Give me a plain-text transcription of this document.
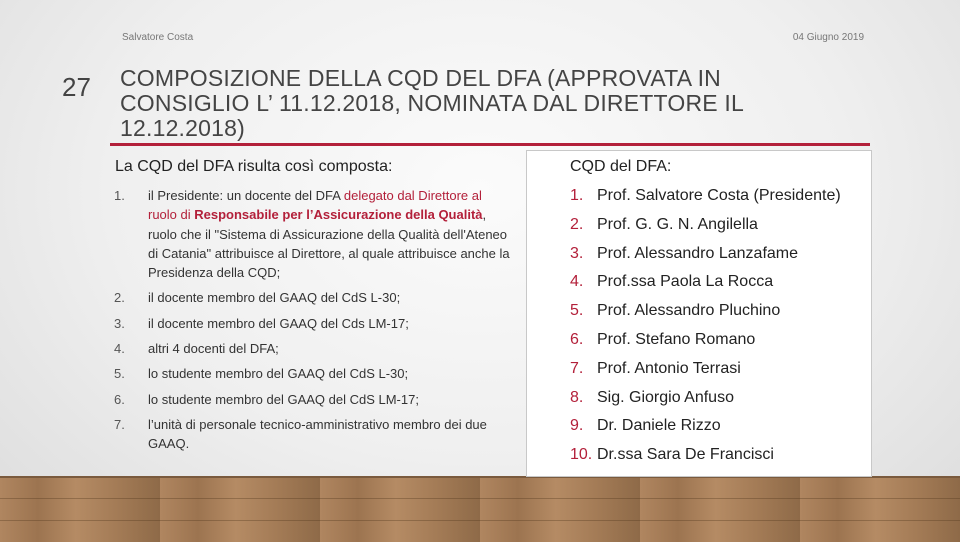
Salvatore Costa	04 Giugno 2019
27 COMPOSIZIONE DELLA CQD DEL DFA (APPROVATA IN CONSIGLIO L’ 11.12.2018, NOMINATA DAL DIRETTORE IL 12.12.2018)
La CQD del DFA risulta così composta:
1.	il Presidente: un docente del DFA delegato dal Direttore al ruolo di Responsabile per l’Assicurazione della Qualità, ruolo che il "Sistema di Assicurazione della Qualità dell'Ateneo di Catania" attribuisce al Direttore, al quale attribuisce anche la Presidenza della CQD;
2.	il docente membro del GAAQ del CdS L-30;
3.	il docente membro del GAAQ del Cds LM-17;
4.	altri 4 docenti del DFA;
5.	lo studente membro del GAAQ del CdS L-30;
6.	lo studente membro del GAAQ del CdS LM-17;
7.	l’unità di personale tecnico-amministrativo membro dei due GAAQ.
CQD del DFA:
1. Prof. Salvatore Costa (Presidente)
2. Prof. G. G. N. Angilella
3. Prof. Alessandro Lanzafame
4. Prof.ssa Paola La Rocca
5. Prof. Alessandro Pluchino
6. Prof. Stefano Romano
7. Prof. Antonio Terrasi
8. Sig. Giorgio Anfuso
9. Dr. Daniele Rizzo
10. Dr.ssa Sara De Francisci
